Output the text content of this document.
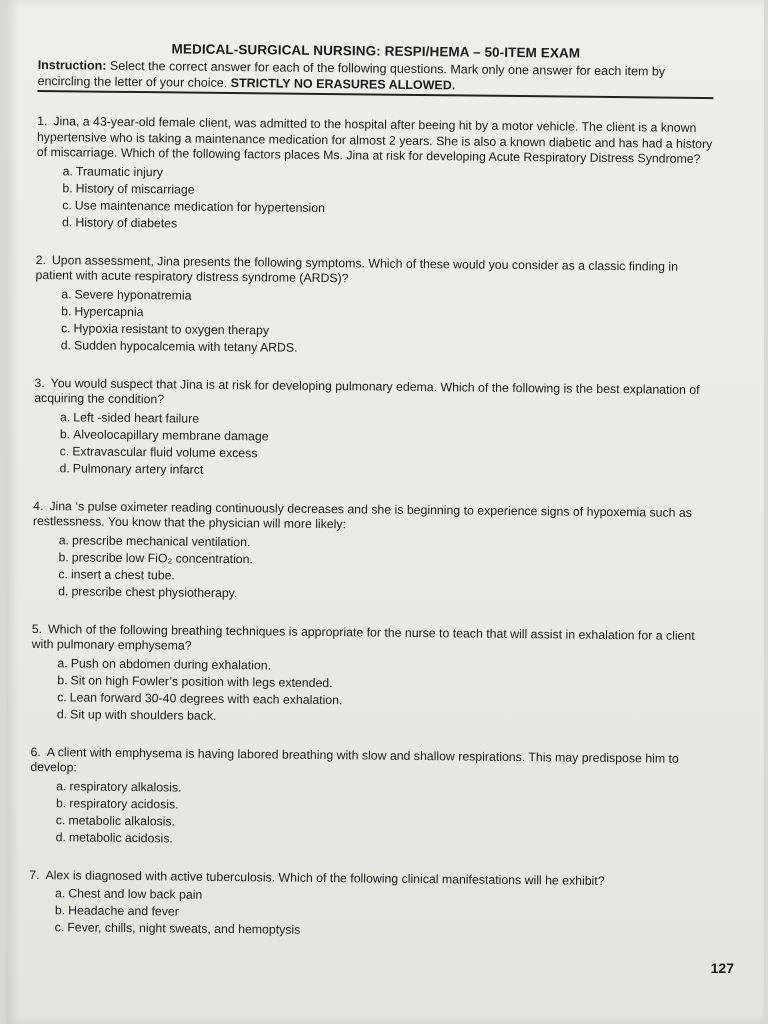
MEDICAL-SURGICAL NURSING: RESPI/HEMA – 50-ITEM EXAM

Instruction: Select the correct answer for each of the following questions. Mark only one answer for each item by encircling the letter of your choice. STRICTLY NO ERASURES ALLOWED.

1. Jina, a 43-year-old female client, was admitted to the hospital after beeing hit by a motor vehicle. The client is a known hypertensive who is taking a maintenance medication for almost 2 years. She is also a known diabetic and has had a history of miscarriage. Which of the following factors places Ms. Jina at risk for developing Acute Respiratory Distress Syndrome?

a. Traumatic injury
b. History of miscarriage
c. Use maintenance medication for hypertension
d. History of diabetes

2. Upon assessment, Jina presents the following symptoms. Which of these would you consider as a classic finding in patient with acute respiratory distress syndrome (ARDS)?

a. Severe hyponatremia
b. Hypercapnia
c. Hypoxia resistant to oxygen therapy
d. Sudden hypocalcemia with tetany ARDS.

3. You would suspect that Jina is at risk for developing pulmonary edema. Which of the following is the best explanation of acquiring the condition?

a. Left -sided heart failure
b. Alveolocapillary membrane damage
c. Extravascular fluid volume excess
d. Pulmonary artery infarct

4. Jina ‘s pulse oximeter reading continuously decreases and she is beginning to experience signs of hypoxemia such as restlessness. You know that the physician will more likely:

a. prescribe mechanical ventilation.
b. prescribe low FiO₂ concentration.
c. insert a chest tube.
d. prescribe chest physiotherapy.

5. Which of the following breathing techniques is appropriate for the nurse to teach that will assist in exhalation for a client with pulmonary emphysema?

a. Push on abdomen during exhalation.
b. Sit on high Fowler’s position with legs extended.
c. Lean forward 30-40 degrees with each exhalation.
d. Sit up with shoulders back.

6. A client with emphysema is having labored breathing with slow and shallow respirations. This may predispose him to develop:

a. respiratory alkalosis.
b. respiratory acidosis.
c. metabolic alkalosis.
d. metabolic acidosis.

7. Alex is diagnosed with active tuberculosis. Which of the following clinical manifestations will he exhibit?

a. Chest and low back pain
b. Headache and fever
c. Fever, chills, night sweats, and hemoptysis
127
